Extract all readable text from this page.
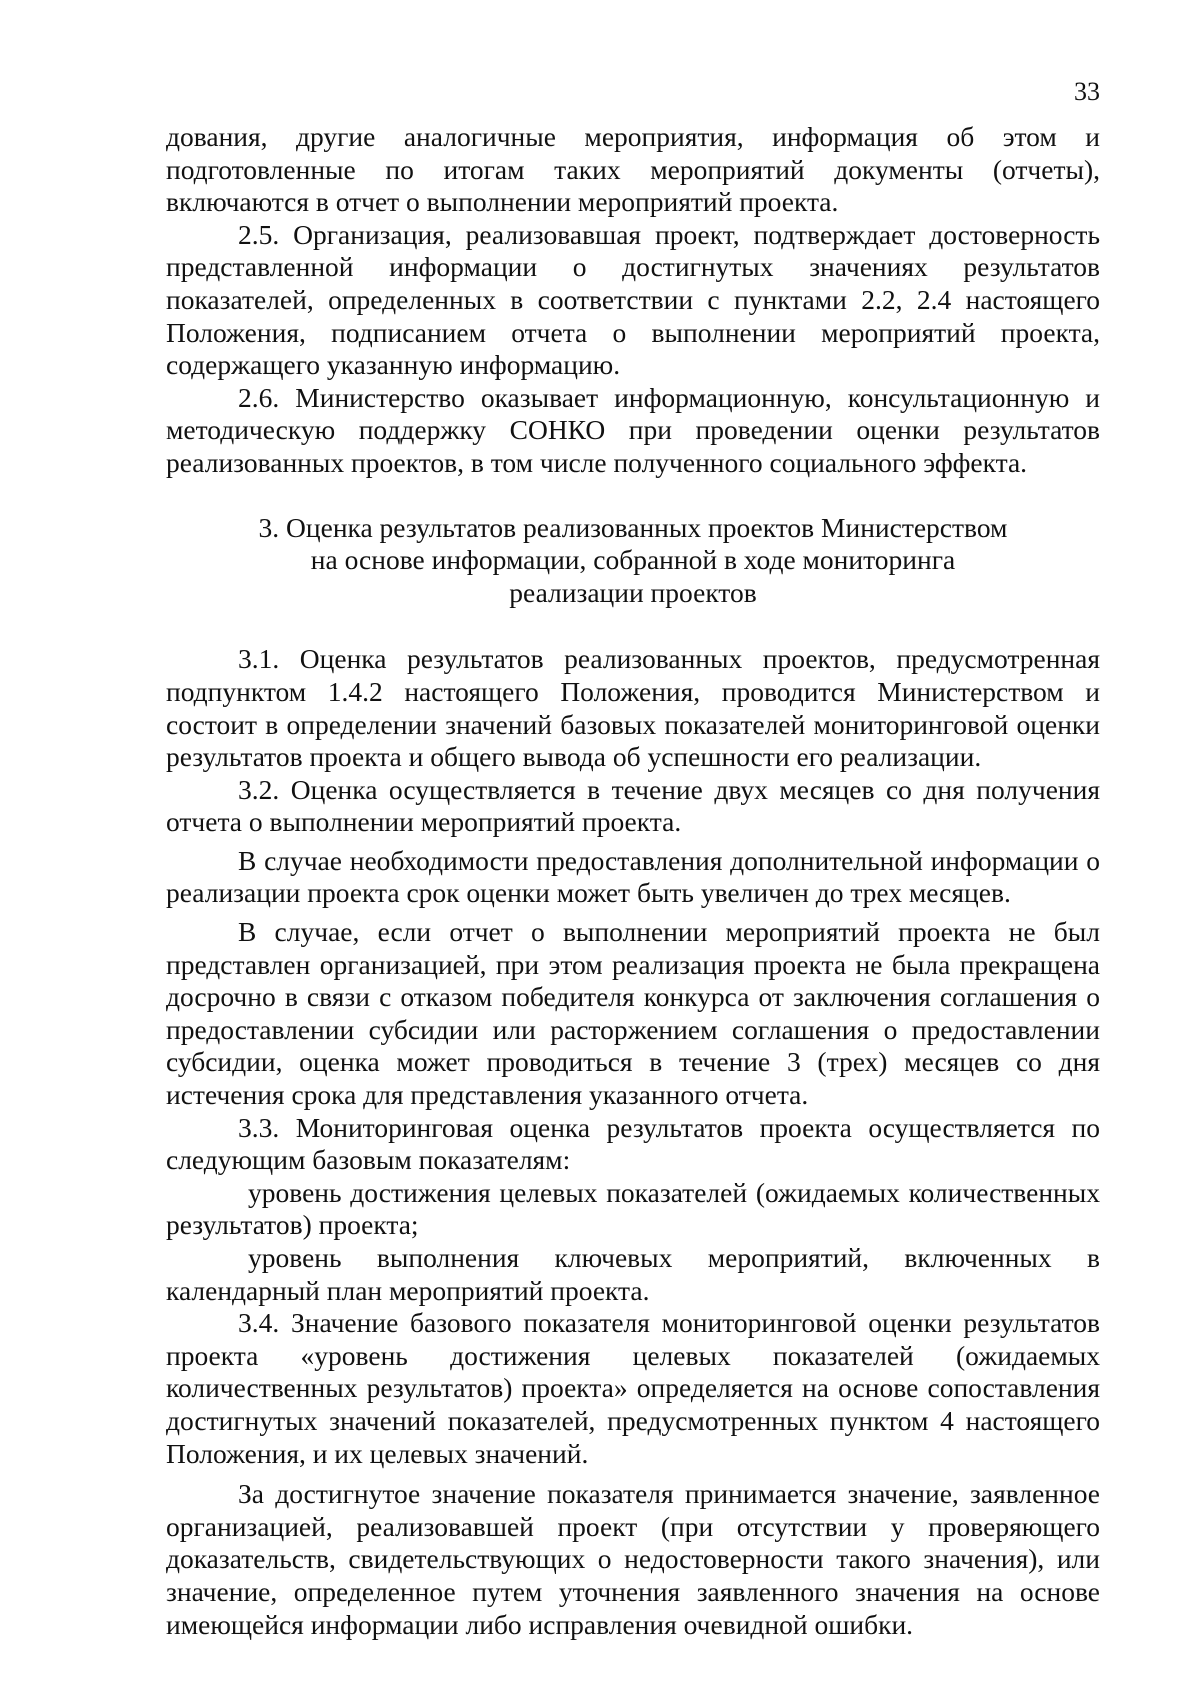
33

дования, другие аналогичные мероприятия, информация об этом и подготовленные по итогам таких мероприятий документы (отчеты), включаются в отчет о выполнении мероприятий проекта.

2.5. Организация, реализовавшая проект, подтверждает достоверность представленной информации о достигнутых значениях результатов показателей, определенных в соответствии с пунктами 2.2, 2.4 настоящего Положения, подписанием отчета о выполнении мероприятий проекта, содержащего указанную информацию.

2.6. Министерство оказывает информационную, консультационную и методическую поддержку СОНКО при проведении оценки результатов реализованных проектов, в том числе полученного социального эффекта.

3. Оценка результатов реализованных проектов Министерством
на основе информации, собранной в ходе мониторинга
реализации проектов

3.1. Оценка результатов реализованных проектов, предусмотренная подпунктом 1.4.2 настоящего Положения, проводится Министерством и состоит в определении значений базовых показателей мониторинговой оценки результатов проекта и общего вывода об успешности его реализации.

3.2. Оценка осуществляется в течение двух месяцев со дня получения отчета о выполнении мероприятий проекта.

В случае необходимости предоставления дополнительной информации о реализации проекта срок оценки может быть увеличен до трех месяцев.

В случае, если отчет о выполнении мероприятий проекта не был представлен организацией, при этом реализация проекта не была прекращена досрочно в связи с отказом победителя конкурса от заключения соглашения о предоставлении субсидии или расторжением соглашения о предоставлении субсидии, оценка может проводиться в течение 3 (трех) месяцев со дня истечения срока для представления указанного отчета.

3.3. Мониторинговая оценка результатов проекта осуществляется по следующим базовым показателям:

уровень достижения целевых показателей (ожидаемых количественных результатов) проекта;

уровень выполнения ключевых мероприятий, включенных в календарный план мероприятий проекта.

3.4. Значение базового показателя мониторинговой оценки результатов проекта «уровень достижения целевых показателей (ожидаемых количественных результатов) проекта» определяется на основе сопоставления достигнутых значений показателей, предусмотренных пунктом 4 настоящего Положения, и их целевых значений.

За достигнутое значение показателя принимается значение, заявленное организацией, реализовавшей проект (при отсутствии у проверяющего доказательств, свидетельствующих о недостоверности такого значения), или значение, определенное путем уточнения заявленного значения на основе имеющейся информации либо исправления очевидной ошибки.
